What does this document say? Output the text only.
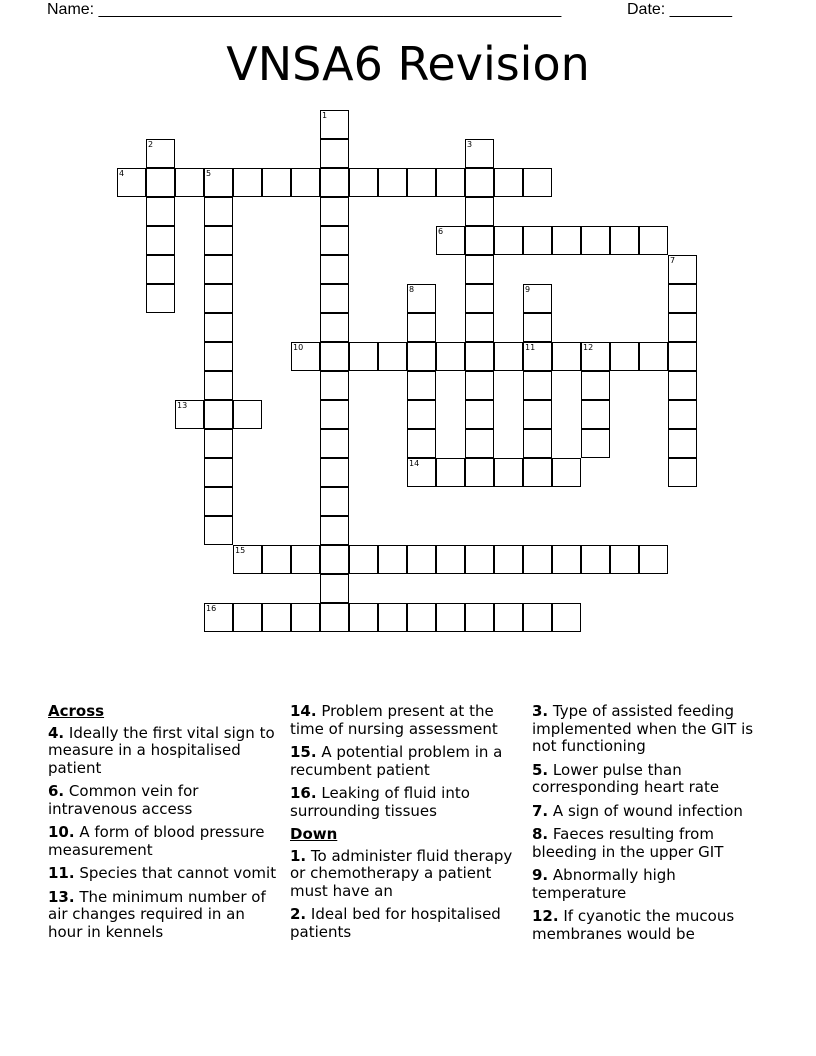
Name: ____________________________________________________	Date: _______
VNSA6 Revision
1
2	3
4	5
6
7
8
14
9
11
10	12
13
15
16
Across
4. Ideally the first vital sign to measure in a hospitalised patient
6. Common vein for intravenous access
10. A form of blood pressure measurement
11. Species that cannot vomit
13. The minimum number of air changes required in an hour in kennels
14. Problem present at the time of nursing assessment
15. A potential problem in a recumbent patient
16. Leaking of fluid into surrounding tissues
Down
1. To administer fluid therapy or chemotherapy a patient must have an
2. Ideal bed for hospitalised patients
3. Type of assisted feeding implemented when the GIT is not functioning
5. Lower pulse than corresponding heart rate
7. A sign of wound infection
8. Faeces resulting from bleeding in the upper GIT
9. Abnormally high temperature
12. If cyanotic the mucous membranes would be
